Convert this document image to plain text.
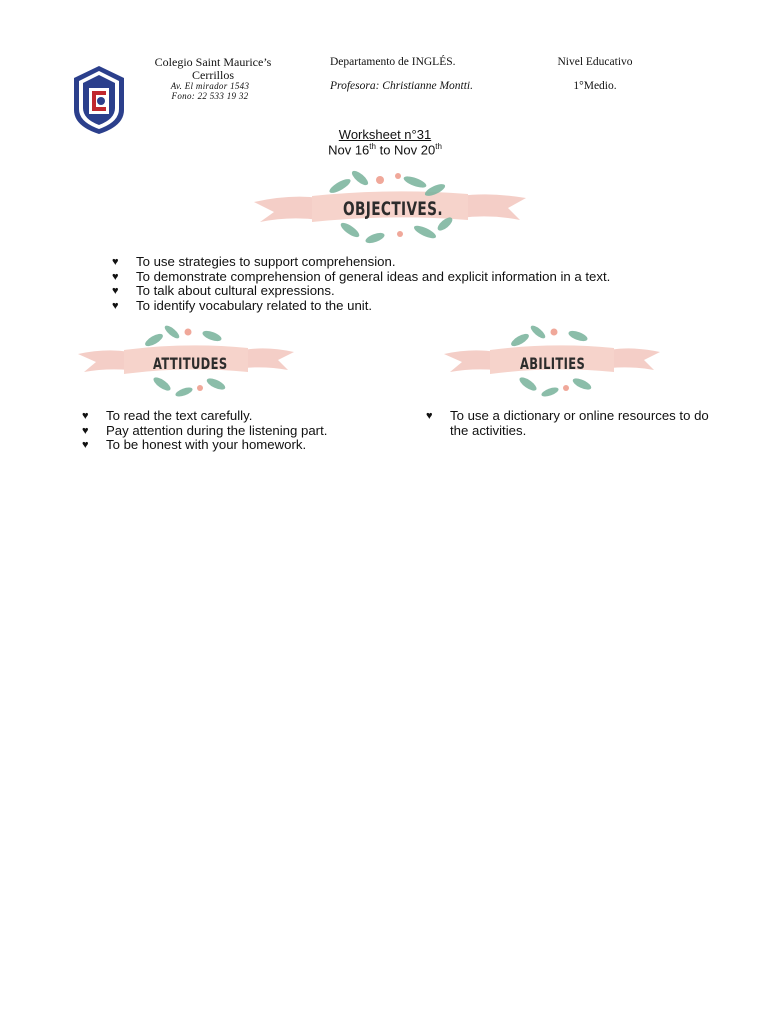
Colegio Saint Maurice’s
Cerrillos
Av. El mirador 1543
Fono: 22 533 19 32
Departamento de INGLÉS.
Profesora: Christianne Montti.
Nivel Educativo
1°Medio.
Worksheet n°31
Nov 16th to Nov 20th
OBJECTIVES.
♥ To use strategies to support comprehension.
♥ To demonstrate comprehension of general ideas and explicit information in a text.
♥ To talk about cultural expressions.
♥ To identify vocabulary related to the unit.
ATTITUDES	ABILITIES
♥ To read the text carefully.
♥ Pay attention during the listening part.
♥ To be honest with your homework.
♥ To use a dictionary or online resources to do the activities.
